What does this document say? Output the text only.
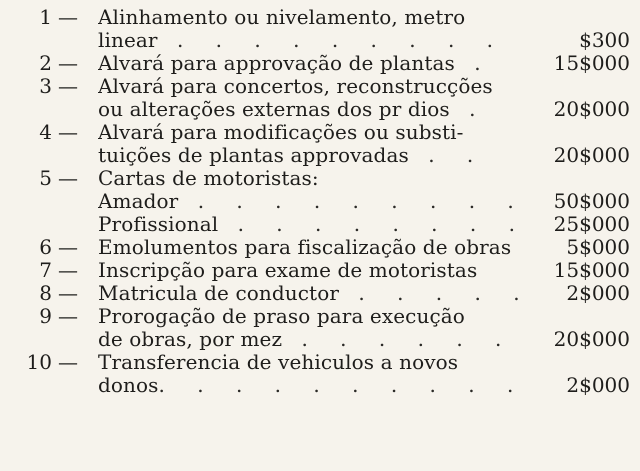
1 —	Alinhamento ou nivelamento, metro
linear . . . . . . . . .	$300
2 —	Alvará para approvação de plantas .	15$000
3 —	Alvará para concertos, reconstrucções
ou alterações externas dos pr dios .	20$000
4 —	Alvará para modificações ou substi-
tuições de plantas approvadas . .	20$000
5 —	Cartas de motoristas:
Amador . . . . . . . . .	50$000
Profissional . . . . . . . .	25$000
6 —	Emolumentos para fiscalização de obras	5$000
7 —	Inscripção para exame de motoristas	15$000
8 —	Matricula de conductor . . . . .	2$000
9 —	Prorogação de praso para execução
de obras, por mez . . . . . .	20$000
10 —	Transferencia de vehiculos a novos
donos. . . . . . . . . .	2$000
